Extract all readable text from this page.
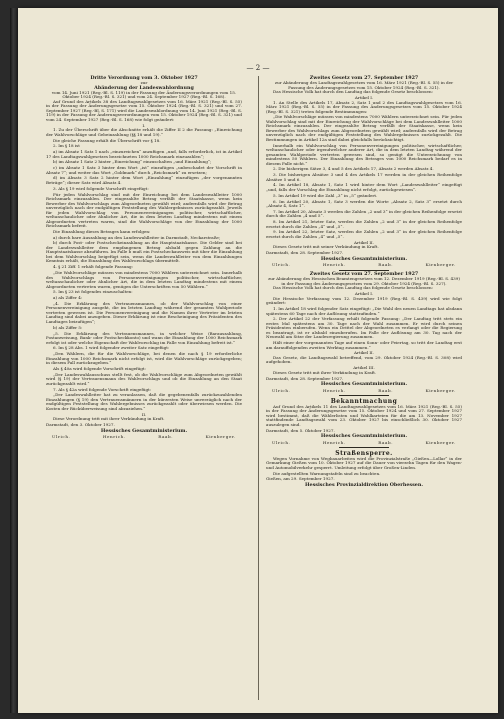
— 2 —
Dritte Verordnung vom 3. Oktober 1927
zur
Abänderung der Landeswahlordnung
vom 14. Juni 1921 (Reg.-Bl. S. 119) in der Fassung der Änderungsverordnungen vom 15. Oktober 1924 (Reg.-Bl. S. 321) und vom 24. September 1927 (Reg.-Bl. S. 168).

Auf Grund des Artikels 38 des Landtagswahlgesetzes vom 16. März 1921 (Reg.-Bl. S. 55) in der Fassung der Änderungsgesetze vom 15. Oktober 1924 (Reg.-Bl. S. 321) und vom 27. September 1927 (Reg.-Bl. S. 171) wird die Landeswahlordnung vom 14. Juni 1921 (Reg.-Bl. S. 119) in der Fassung der Änderungsverordnungen vom 15. Oktober 1924 (Reg.-Bl. S. 321) und vom 24. September 1927 (Reg.-Bl. S. 168) wie folgt geändert:

I.

1. Zu der Überschrift über die Abschnitte erhält die Ziffer II 2 die Fassung: „Einreichung der Wahlvorschläge und Gebeinzahlung (§§ 18 und 19).“

Die gleiche Fassung erhält die Überschrift vor § 18.

2. Im § 18 ist

a) im Absatz 1 Satz 1 nach „einzureichen“ anzufügen „und, falls erforderlich, ist in Artikel 17 des Landtagswahlgesetzes bezeichneten 1000 Reichsmark einzuzahlen“;

b) im Absatz 1 Satz 2 hinter „Einreichung“ einzuschalten „und Einzahlung“;

c) im Absatz 1 Satz 3 hinter dem Wort „ist“ einzufügen „unbeschadet der Vorschrift in Absatz 7“; und weiter das Wort „Goldmark“ durch „Reichsmark“ zu ersetzen;

d) im Absatz 3 Satz 2 hinter dem Wort „Einzahlung“ einzufügen „der vorgenannten Beträge“; dieser Satz wird Absatz 4.

3. Als § 19 wird folgende Vorschrift eingefügt:

Für jeden Wahlvorschlag sind mit der Einreichung bei dem Landeswahlleiter 1000 Reichsmark einzuzahlen. Der eingezahlte Betrag verfällt der Staatskasse, wenn kein Bewerber des Wahlvorschlags zum Abgeordneten gewählt wird; andernfalls wird der Betrag unverzüglich nach der endgültigen Feststellung des Wahlergebnisses zurückgezahlt. Jeweils für jeden Wahlvorschlag von Personenvereinigungen politischer, wirtschaftlicher, weltanschaulicher oder ähnlicher Art, die in dem letzten Landtag mindestens mit einem Abgeordneten vertreten waren, sind die Wahlvorschläge von der Einzahlung der 1000 Reichsmark befreit.

Die Einzahlung dieses Betrages kann erfolgen:

a) durch bare Auszahlung an den Landeswahlleiter in Darmstadt, Neckarstraße;

b) durch Post- oder Postscheckeinzahlung an die Hauptstaatskasse. Die Gelder sind bei der Landeswahlleiter dem empfangenen Betrag alsbald gegen Zahlung an die Hauptstaatskasse abzuführen. Im Falle b muß ein Postscheckausweis mit über die Einzahlung bei dem Wahlvorschlag beigefügt sein, wenn die Landeswahlleiter von dem Einzahlungen Kenntnis erhält, die Einzahlung des Wahlvorschlags übermittelt.

4. § 21 Ziff. 1 erhält folgende Fassung:

„Die Wahlvorschläge müssen von mindestens 7000 Wählern unterzeichnet sein. Innerhalb des Wahlvorschlags von Personenvereinigungen politischer, wirtschaftlicher, weltanschaulicher oder ähnlicher Art, die in dem letzten Landtag mindestens mit einem Abgeordneten vertreten waren, genügen die Unterschriften von 50 Wählern.“

5. Im § 23 ist folgendes einzuschalten:

a) als Ziffer 4:

„4. Die Erklärung des Vertrauensmannes, ob der Wahlvorschlag von einer Personenvereinigung ausgeht, die im letzten Landtag während der gesamten Wahlperiode vertreten gewesen ist. Die Personenvereinigung und die Namen ihrer Vertreter im letzten Landtag sind dabei anzugeben. Dieser Erklärung ist eine Bescheinigung des Präsidenten des Landtages beizufügen“;

b) als Ziffer 5:

„5. Die Erklärung des Vertrauensmannes, in welcher Weise (Barauszahlung, Postanweisung, Bank- oder Postscheckkonto) und wann die Einzahlung der 1000 Reichsmark erfolgt ist oder welche Eigenschaft der Wahlvorschlag im Falle von Einzahlung befreit ist.“

6. Im § 28 Abs. 1 wird folgender zweiter Satz eingefügt:

„Den Wählern, die für die Wahlvorschläge, bei denen die nach § 19 erforderliche Einzahlung von 1000 Reichsmark nicht erfolgt ist, wird die Wahlvorschläge zurückgegeben; in diesem Fall zurückzugeben.“

Als § 40a wird folgende Vorschrift eingefügt:

„Der Landeswahlausschuss stellt fest, ob die Wahlvorschläge zum Abgeordneten gewählt wird (§ 19) der Vertrauensmann des Wahlvorschlags und ob die Einzahlung an den Staat zurückgezahlt wird.“

7. Als § 42a wird folgende Vorschrift eingefügt:

„Der Landeswahlleiter hat zu veranlassen, daß die gegebenenfalls zurückzuzahlenden Einzahlungen (§ 19) den Vertrauensmännern in der kürzesten Weise unverzüglich nach der endgültigen Feststellung des Wahlergebnisses zurückgezahlt oder überwiesen werden. Die Kosten der Rücküberweisung sind abzuziehen.“

II.

Diese Verordnung tritt mit ihrer Verkündung in Kraft.

Darmstadt, den 3. Oktober 1927.

Hessisches Gesamtministerium.
Ulrich.	Henrich.	Raab.	Kirnberger.
Zweites Gesetz vom 27. September 1927
zur Abänderung des Landtagswahlgesetzes vom 16. März 1921 (Reg.-Bl. S. 55) in der Fassung des Änderungsgesetzes vom 15. Oktober 1924 (Reg.-Bl. S. 321).

Das Hessische Volk hat durch den Landtag das folgende Gesetz beschlossen:

Artikel I.

1. An Stelle des Artikels 17, Absatz 2, Satz 1 und 2 des Landtagswahlgesetzes vom 16. März 1921 (Reg.-Bl. S. 55) in der Fassung des Änderungsgesetzes vom 15. Oktober 1924 (Reg.-Bl. S. 321) treten folgende Bestimmungen:

„Die Wahlvorschläge müssen von mindestens 7000 Wählern unterzeichnet sein. Für jeden Wahlvorschlag sind mit der Einreichung der Wahlvorschläge bei dem Landeswahlleiter 1000 Reichsmark einzuzahlen. Der eingezahlte Betrag verfällt der Staatskasse, wenn kein Bewerber des Wahlvorschlags zum Abgeordneten gewählt wird; andernfalls wird der Betrag unverzüglich nach der endgültigen Feststellung des Wahlergebnisses zurückgezahlt. Die Bestimmungen in Artikel 12a sind dabei gleichfalls berücksichtigt.

Innerhalb ein Wahlvorschlag von Personenvereinigungen politischer, wirtschaftlicher, weltanschaulicher oder irgendwelcher anderer Art, die in dem letzten Landtag während der gesamten Wahlperiode vertreten gewesen sind, so genügt die Unterzeichnung von mindestens 50 Wählern. Der Einzahlung des Betrages von 1000 Reichsmark bedarf es in diesem Falle nicht.“

2. Die bisherigen Sätze 3, 4 und 5 des Artikels 17, Absatz 2 werden Absatz 4.

3. Die bisherigen Absätze 3 und 4 des Artikels 17 werden in der gleichen Reihenfolge Absätze 5 und 6.

4. Im Artikel 18, Absatz 1, Satz 1 wird hinter dem Wort „Landeswahlleiter“ eingefügt „und, falls der Vorschlag die Einzahlung nicht erfolgt, zurückgewiesen“.

5. Im Artikel 19 wird die Zahl „3“ in „5“ geändert.

6. Im Artikel 20, Absatz 1, Satz 3 werden die Worte „Absatz 2, Satz 3“ ersetzt durch „Absatz 4, Satz 1“.

7. Im Artikel 20, Absatz 3 werden die Zahlen „2 und 3“ in der gleichen Reihenfolge ersetzt durch die Zahlen „4 und 5“.

8. Im Artikel 21, letzter Satz, werden die Zahlen „2 und 3“ in der gleichen Reihenfolge ersetzt durch die Zahlen „4“ und „5“.

9. Im Artikel 22, letzter Satz, werden die Zahlen „2 und 3“ in der gleichen Reihenfolge ersetzt durch die Zahlen „4“ und „5“.

Artikel II.

Dieses Gesetz tritt mit seiner Verkündung in Kraft.

Darmstadt, den 28. September 1927.

Hessisches Gesamtministerium.
Ulrich.	Henrich.	Raab.	Kirnberger.
Zweites Gesetz vom 27. September 1927
zur Abänderung des Hessischen Beamtengesetzes vom 12. Dezember 1919 (Reg.-Bl. S. 439) in der Fassung des Änderungsgesetzes vom 29. Oktober 1924 (Reg.-Bl. S. 327).

Das Hessische Volk hat durch den Landtag das folgende Gesetz beschlossen:

Artikel I.

Die Hessische Verfassung vom 12. Dezember 1919 (Reg.-Bl. S. 439) wird wie folgt geändert:

1. Im Artikel 18 wird folgender Satz eingefügt: „Die Wahl des neuen Landtags hat alsdann spätestens 60 Tage nach der Auflösung stattzufinden.“

2. Der Artikel 22 der Verfassung erhält folgende Fassung: „Der Landtag tritt stets ein erstes Mal spätestens am 30. Tage nach der Wahl zusammen. Er wird durch seinen Präsidenten einberufen. Wenn ein Drittel der Abgeordneten es verlangt oder die Regierung es beantragt, ist er alsbald einzuberufen. Im Falle der Auflösung am 30. Tag nach der Neuwahl am Sitze der Landesregierung zusammen.

Hält einer der vorgenannten Tage auf einen Sonn- oder Feiertag, so tritt der Landtag erst am darauffolgenden zweiten Werktag zusammen.“

Artikel II.

Das Gesetz, die Landtagswahl betreffend, vom 29. Oktober 1924 (Reg.-Bl. S. 308) wird aufgehoben.

Artikel III.

Dieses Gesetz tritt mit ihrer Verkündung in Kraft.

Darmstadt, den 28. September 1927.

Hessisches Gesamtministerium.
Ulrich.	Henrich.	Raab.	Kirnberger.
Bekanntmachung

Auf Grund des Artikels 11 des Landtagswahlgesetzes vom 16. März 1921 (Reg.-Bl. S. 55) in der Fassung der Änderungsgesetze vom 15. Oktober 1924 und vom 27. September 1927 wird bestimmt, daß die Wählerlisten und Wahlkarteien für die am 13. November 1927 stattfindende Landtagswahl vom 23. Oktober 1927 bis einschließlich 30. Oktober 1927 auszulegen sind.

Darmstadt, den 5. Oktober 1927.

Hessisches Gesamtministerium.
Ulrich.	Henrich.	Raab.	Kirnberger.
Straßensperre.

Wegen Vornahme von Wegbauarbeiten wird die Provinzialstraße „Gießen—Lollar“ in der Gemarkung Gießen vom 10. Oktober 1927 auf die Dauer von vierzehn Tagen für den Wagen- und Automobilverkehr gesperrt. Umleitung erfolgt über Großen-Linden.

Die aufgestellten Warnungstafeln sind zu beachten.

Gießen, am 29. September 1927.

Hessisches Provinzialdirektion Oberhessen.
